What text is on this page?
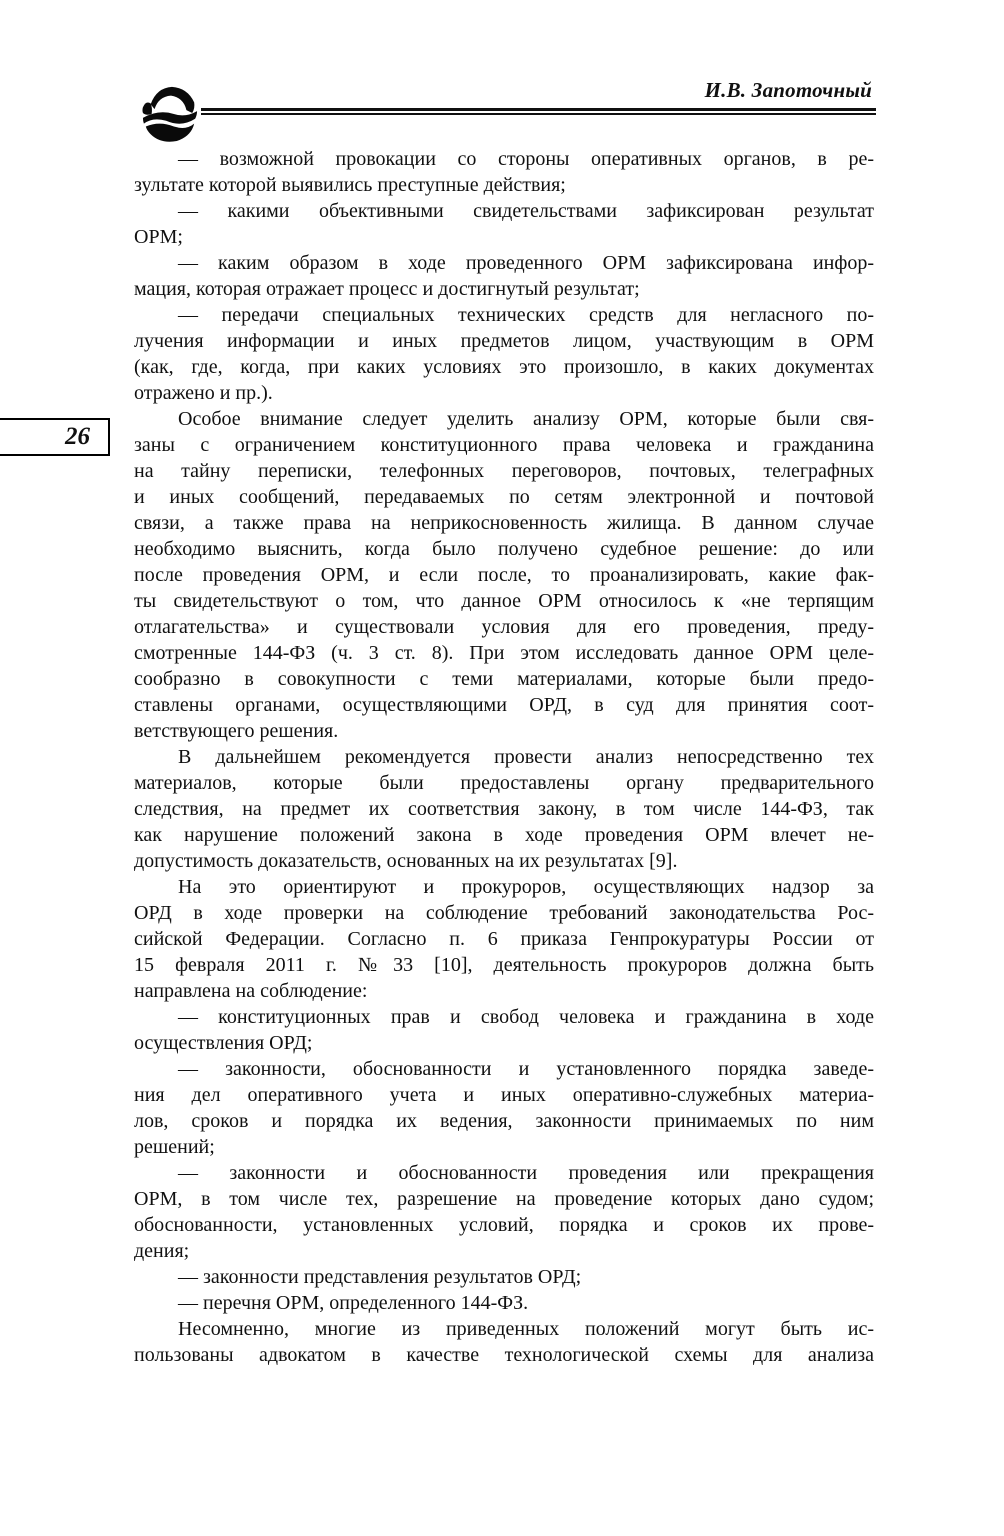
И.В. Запоточный
26
— возможной провокации со стороны оперативных органов, в ре-
зультате которой выявились преступные действия;
— какими объективными свидетельствами зафиксирован результат
ОРМ;
— каким образом в ходе проведенного ОРМ зафиксирована инфор-
мация, которая отражает процесс и достигнутый результат;
— передачи специальных технических средств для негласного по-
лучения информации и иных предметов лицом, участвующим в ОРМ
(как, где, когда, при каких условиях это произошло, в каких документах
отражено и пр.).
Особое внимание следует уделить анализу ОРМ, которые были свя-
заны с ограничением конституционного права человека и гражданина
на тайну переписки, телефонных переговоров, почтовых, телеграфных
и иных сообщений, передаваемых по сетям электронной и почтовой
связи, а также права на неприкосновенность жилища. В данном случае
необходимо выяснить, когда было получено судебное решение: до или
после проведения ОРМ, и если после, то проанализировать, какие фак-
ты свидетельствуют о том, что данное ОРМ относилось к «не терпящим
отлагательства» и существовали условия для его проведения, преду-
смотренные 144-ФЗ (ч. 3 ст. 8). При этом исследовать данное ОРМ целе-
сообразно в совокупности с теми материалами, которые были предо-
ставлены органами, осуществляющими ОРД, в суд для принятия соот-
ветствующего решения.
В дальнейшем рекомендуется провести анализ непосредственно тех
материалов, которые были предоставлены органу предварительного
следствия, на предмет их соответствия закону, в том числе 144-ФЗ, так
как нарушение положений закона в ходе проведения ОРМ влечет не-
допустимость доказательств, основанных на их результатах [9].
На это ориентируют и прокуроров, осуществляющих надзор за
ОРД в ходе проверки на соблюдение требований законодательства Рос-
сийской Федерации. Согласно п. 6 приказа Генпрокуратуры России от
15 февраля 2011 г. №33 [10], деятельность прокуроров должна быть
направлена на соблюдение:
— конституционных прав и свобод человека и гражданина в ходе
осуществления ОРД;
— законности, обоснованности и установленного порядка заведе-
ния дел оперативного учета и иных оперативно-служебных материа-
лов, сроков и порядка их ведения, законности принимаемых по ним
решений;
— законности и обоснованности проведения или прекращения
ОРМ, в том числе тех, разрешение на проведение которых дано судом;
обоснованности, установленных условий, порядка и сроков их прове-
дения;
— законности представления результатов ОРД;
— перечня ОРМ, определенного 144-ФЗ.
Несомненно, многие из приведенных положений могут быть ис-
пользованы адвокатом в качестве технологической схемы для анализа
